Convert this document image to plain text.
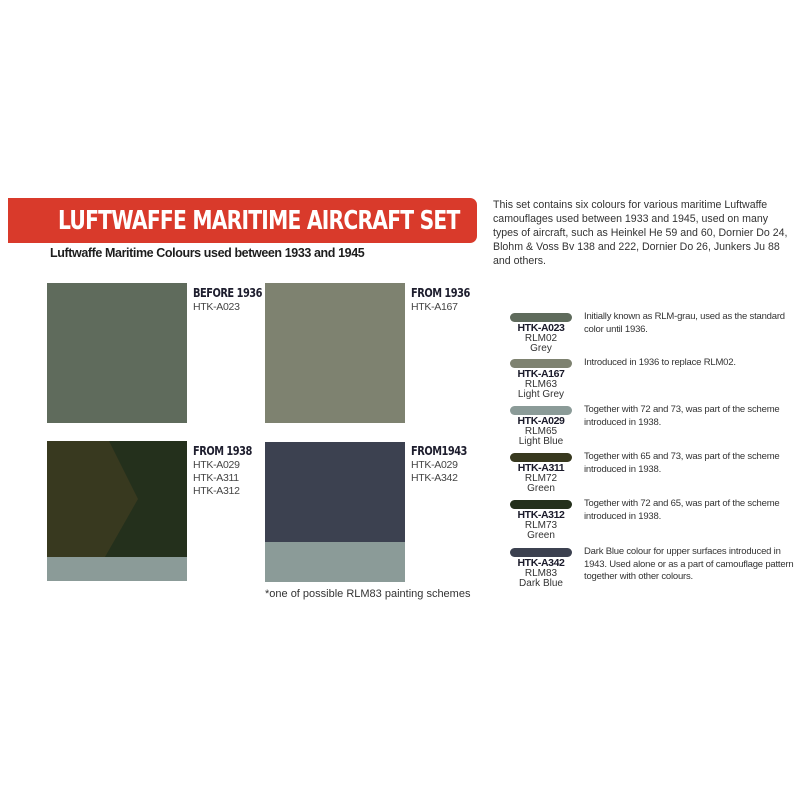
LUFTWAFFE MARITIME AIRCRAFT SET
Luftwaffe Maritime Colours used between 1933 and 1945
This set contains six colours for various maritime Luftwaffe camouflages used between 1933 and 1945, used on many types of aircraft, such as Heinkel He 59 and 60, Dornier Do 24, Blohm & Voss Bv 138 and 222, Dornier Do 26, Junkers Ju 88 and others.
BEFORE 1936
HTK-A023
FROM 1936
HTK-A167
FROM 1938
HTK-A029
HTK-A311
HTK-A312
FROM1943
HTK-A029
HTK-A342
*one of possible RLM83 painting schemes
HTK-A023
RLM02
Grey
Initially known as RLM-grau, used as the standard color until 1936.
HTK-A167
RLM63
Light Grey
Introduced in 1936 to replace RLM02.
HTK-A029
RLM65
Light Blue
Together with 72 and 73, was part of the scheme introduced in 1938.
HTK-A311
RLM72
Green
Together with 65 and 73, was part of the scheme introduced in 1938.
HTK-A312
RLM73
Green
Together with 72 and 65, was part of the scheme introduced in 1938.
HTK-A342
RLM83
Dark Blue
Dark Blue colour for upper surfaces introduced in 1943. Used alone or as a part of camouflage pattern together with other colours.
